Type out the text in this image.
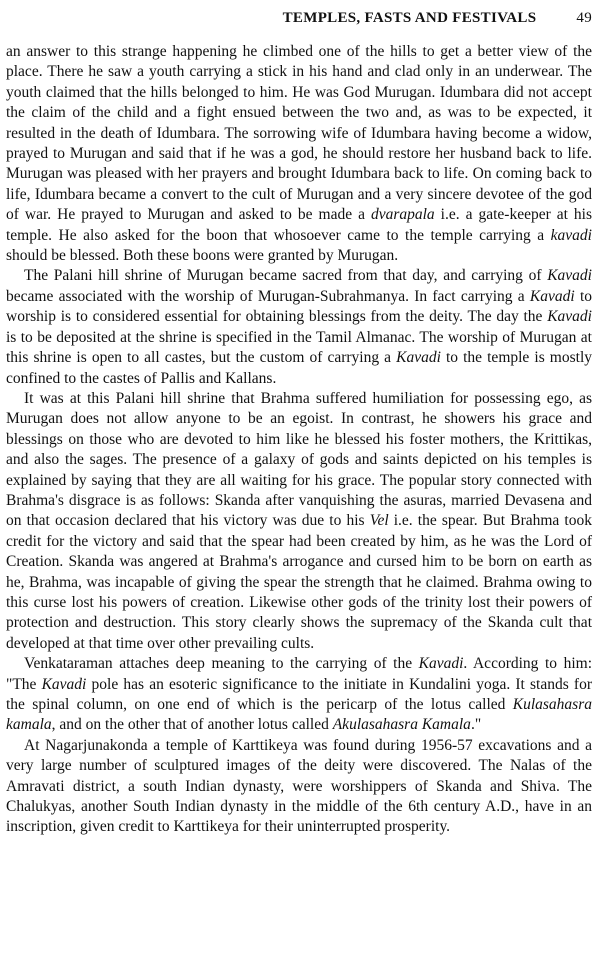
TEMPLES, FASTS AND FESTIVALS	49

an answer to this strange happening he climbed one of the hills to get a better view of the place. There he saw a youth carrying a stick in his hand and clad only in an underwear. The youth claimed that the hills belonged to him. He was God Murugan. Idumbara did not accept the claim of the child and a fight ensued between the two and, as was to be expected, it resulted in the death of Idumbara. The sorrowing wife of Idumbara having become a widow, prayed to Murugan and said that if he was a god, he should restore her husband back to life. Murugan was pleased with her prayers and brought Idumbara back to life. On coming back to life, Idumbara became a convert to the cult of Murugan and a very sincere devotee of the god of war. He prayed to Murugan and asked to be made a dvarapala i.e. a gate-keeper at his temple. He also asked for the boon that whosoever came to the temple carrying a kavadi should be blessed. Both these boons were granted by Murugan.

The Palani hill shrine of Murugan became sacred from that day, and carrying of Kavadi became associated with the worship of Murugan-Subrahmanya. In fact carrying a Kavadi to worship is to considered essential for obtaining blessings from the deity. The day the Kavadi is to be deposited at the shrine is specified in the Tamil Almanac. The worship of Murugan at this shrine is open to all castes, but the custom of carrying a Kavadi to the temple is mostly confined to the castes of Pallis and Kallans.

It was at this Palani hill shrine that Brahma suffered humiliation for possessing ego, as Murugan does not allow anyone to be an egoist. In contrast, he showers his grace and blessings on those who are devoted to him like he blessed his foster mothers, the Krittikas, and also the sages. The presence of a galaxy of gods and saints depicted on his temples is explained by saying that they are all waiting for his grace. The popular story connected with Brahma's disgrace is as follows: Skanda after vanquishing the asuras, married Devasena and on that occasion declared that his victory was due to his Vel i.e. the spear. But Brahma took credit for the victory and said that the spear had been created by him, as he was the Lord of Creation. Skanda was angered at Brahma's arrogance and cursed him to be born on earth as he, Brahma, was incapable of giving the spear the strength that he claimed. Brahma owing to this curse lost his powers of creation. Likewise other gods of the trinity lost their powers of protection and destruction. This story clearly shows the supremacy of the Skanda cult that developed at that time over other prevailing cults.

Venkataraman attaches deep meaning to the carrying of the Kavadi. According to him: "The Kavadi pole has an esoteric significance to the initiate in Kundalini yoga. It stands for the spinal column, on one end of which is the pericarp of the lotus called Kulasahasra kamala, and on the other that of another lotus called Akulasahasra Kamala."

At Nagarjunakonda a temple of Karttikeya was found during 1956-57 excavations and a very large number of sculptured images of the deity were discovered. The Nalas of the Amravati district, a south Indian dynasty, were worshippers of Skanda and Shiva. The Chalukyas, another South Indian dynasty in the middle of the 6th century A.D., have in an inscription, given credit to Karttikeya for their uninterrupted prosperity.
